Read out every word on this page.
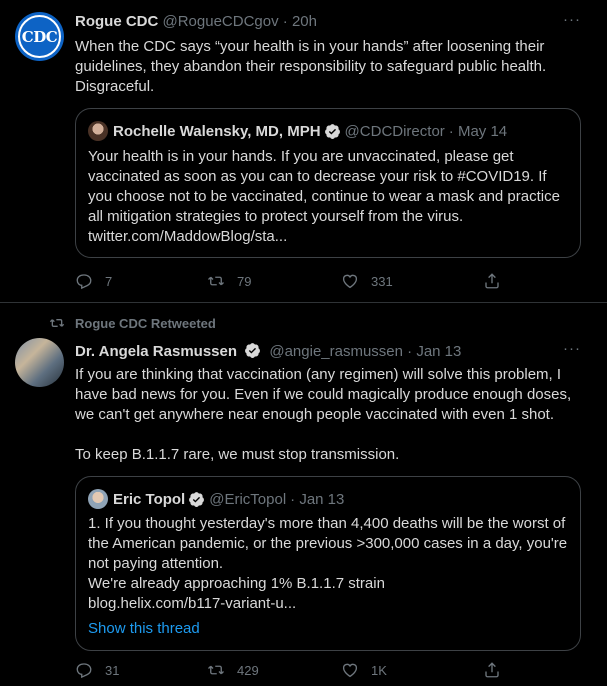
CDC
Rogue CDC @RogueCDCgov · 20h	···
When the CDC says “your health is in your hands” after loosening their guidelines, they abandon their responsibility to safeguard public health. Disgraceful.
Rochelle Walensky, MD, MPH @CDCDirector · May 14
Your health is in your hands. If you are unvaccinated, please get vaccinated as soon as you can to decrease your risk to #COVID19. If you choose not to be vaccinated, continue to wear a mask and practice all mitigation strategies to protect yourself from the virus. twitter.com/MaddowBlog/sta...
7	79	331
Rogue CDC Retweeted
Dr. Angela Rasmussen @angie_rasmussen · Jan 13	···
If you are thinking that vaccination (any regimen) will solve this problem, I have bad news for you. Even if we could magically produce enough doses, we can't get anywhere near enough people vaccinated with even 1 shot.
To keep B.1.1.7 rare, we must stop transmission.
Eric Topol @EricTopol · Jan 13
1. If you thought yesterday's more than 4,400 deaths will be the worst of the American pandemic, or the previous >300,000 cases in a day, you're not paying attention.
We're already approaching 1% B.1.1.7 strain
blog.helix.com/b117-variant-u...
Show this thread
31	429	1K
